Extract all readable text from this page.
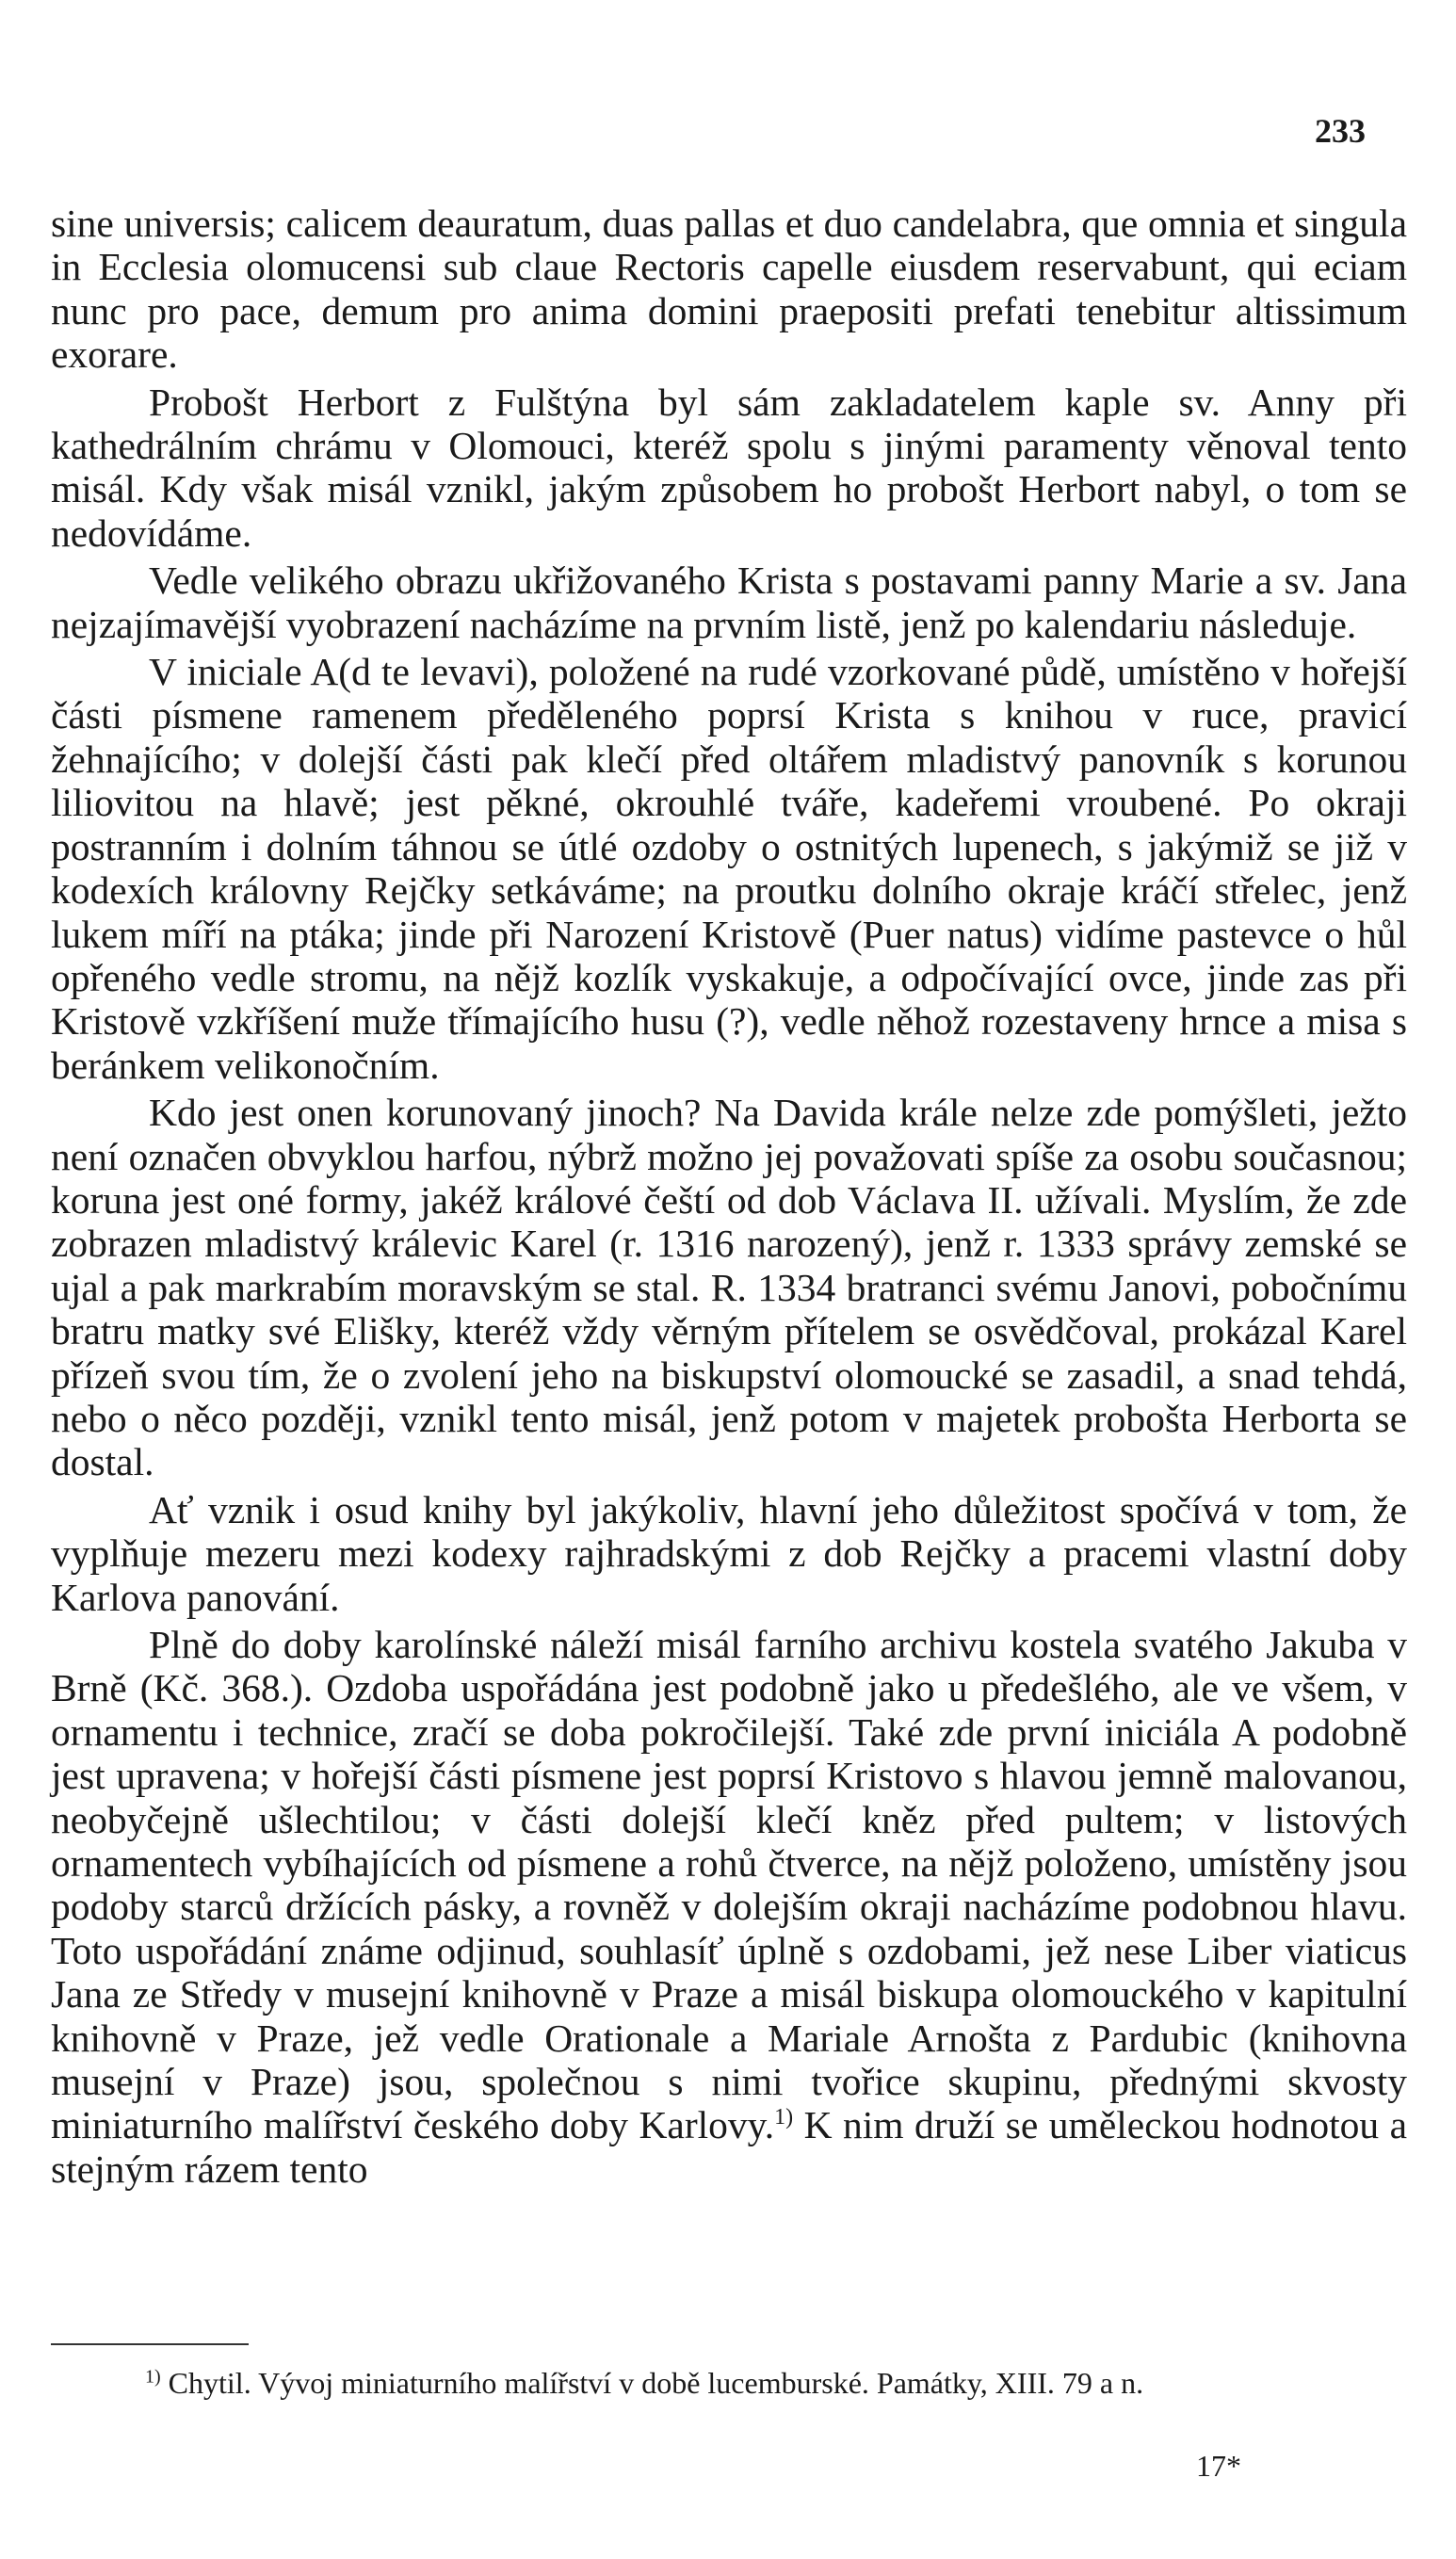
233

sine universis; calicem deauratum, duas pallas et duo candelabra, que omnia et singula in Ecclesia olomucensi sub claue Rectoris capelle eiusdem reservabunt, qui eciam nunc pro pace, demum pro anima domini praepositi prefati tenebitur altissimum exorare.

Probošt Herbort z Fulštýna byl sám zakladatelem kaple sv. Anny při kathedrálním chrámu v Olomouci, kteréž spolu s jinými paramenty věnoval tento misál. Kdy však misál vznikl, jakým způsobem ho probošt Herbort nabyl, o tom se nedovídáme.

Vedle velikého obrazu ukřižovaného Krista s postavami panny Marie a sv. Jana nejzajímavější vyobrazení nacházíme na prvním listě, jenž po kalendariu následuje.

V iniciale A(d te levavi), položené na rudé vzorkované půdě, umístěno v hořejší části písmene ramenem předěleného poprsí Krista s knihou v ruce, pravicí žehnajícího; v dolejší části pak klečí před oltářem mladistvý panovník s korunou liliovitou na hlavě; jest pěkné, okrouhlé tváře, kadeřemi vroubené. Po okraji postranním i dolním táhnou se útlé ozdoby o ostnitých lupenech, s jakýmiž se již v kodexích královny Rejčky setkáváme; na proutku dolního okraje kráčí střelec, jenž lukem míří na ptáka; jinde při Narození Kristově (Puer natus) vidíme pastevce o hůl opřeného vedle stromu, na nějž kozlík vyskakuje, a odpočívající ovce, jinde zas při Kristově vzkříšení muže třímajícího husu (?), vedle něhož rozestaveny hrnce a misa s beránkem velikonočním.

Kdo jest onen korunovaný jinoch? Na Davida krále nelze zde pomýšleti, ježto není označen obvyklou harfou, nýbrž možno jej považovati spíše za osobu současnou; koruna jest oné formy, jakéž králové čeští od dob Václava II. užívali. Myslím, že zde zobrazen mladistvý králevic Karel (r. 1316 narozený), jenž r. 1333 správy zemské se ujal a pak markrabím moravským se stal. R. 1334 bratranci svému Janovi, pobočnímu bratru matky své Elišky, kteréž vždy věrným přítelem se osvědčoval, prokázal Karel přízeň svou tím, že o zvolení jeho na biskupství olomoucké se zasadil, a snad tehdá, nebo o něco později, vznikl tento misál, jenž potom v majetek probošta Herborta se dostal.

Ať vznik i osud knihy byl jakýkoliv, hlavní jeho důležitost spočívá v tom, že vyplňuje mezeru mezi kodexy rajhradskými z dob Rejčky a pracemi vlastní doby Karlova panování.

Plně do doby karolínské náleží misál farního archivu kostela svatého Jakuba v Brně (Kč. 368.). Ozdoba uspořádána jest podobně jako u předešlého, ale ve všem, v ornamentu i technice, zračí se doba pokročilejší. Také zde první iniciála A podobně jest upravena; v hořejší části písmene jest poprsí Kristovo s hlavou jemně malovanou, neobyčejně ušlechtilou; v části dolejší klečí kněz před pultem; v listových ornamentech vybíhajících od písmene a rohů čtverce, na nějž položeno, umístěny jsou podoby starců držících pásky, a rovněž v dolejším okraji nacházíme podobnou hlavu. Toto uspořádání známe odjinud, souhlasíť úplně s ozdobami, jež nese Liber viaticus Jana ze Středy v musejní knihovně v Praze a misál biskupa olomouckého v kapitulní knihovně v Praze, jež vedle Orationale a Mariale Arnošta z Pardubic (knihovna musejní v Praze) jsou, společnou s nimi tvořice skupinu, přednými skvosty miniaturního malířství českého doby Karlovy.$^{1)}$ K nim druží se uměleckou hodnotou a stejným rázem tento

$^{1)}$ Chytil. Vývoj miniaturního malířství v době lucemburské. Památky, XIII. 79 a n.
17*
